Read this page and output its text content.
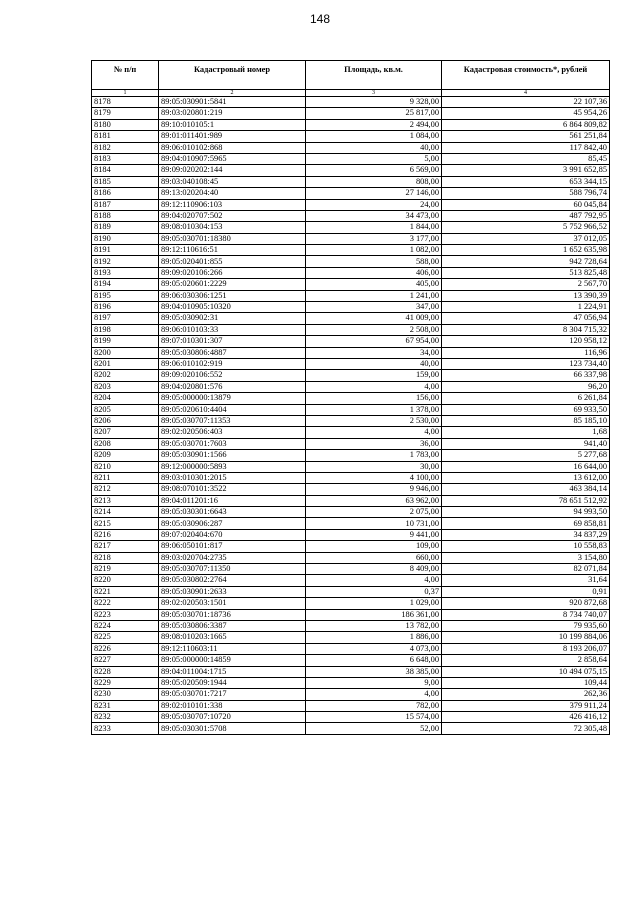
148
№ п/п	Кадастровый номер	Площадь, кв.м.	Кадастровая стоимость*, рублей
1	2	3	4
8178	89:05:030901:5841	9 328,00	22 107,36
8179	89:03:020801:219	25 817,00	45 954,26
8180	89:10:010105:1	2 494,00	6 864 809,82
8181	89:01:011401:989	1 084,00	561 251,84
8182	89:06:010102:868	40,00	117 842,40
8183	89:04:010907:5965	5,00	85,45
8184	89:09:020202:144	6 569,00	3 991 652,85
8185	89:03:040108:45	808,00	653 344,15
8186	89:13:020204:40	27 146,00	588 796,74
8187	89:12:110906:103	24,00	60 045,84
8188	89:04:020707:502	34 473,00	487 792,95
8189	89:08:010304:153	1 844,00	5 752 966,52
8190	89:05:030701:18380	3 177,00	37 012,05
8191	89:12:110616:51	1 082,00	1 652 635,98
8192	89:05:020401:855	588,00	942 728,64
8193	89:09:020106:266	406,00	513 825,48
8194	89:05:020601:2229	405,00	2 567,70
8195	89:06:030306:1251	1 241,00	13 390,39
8196	89:04:010905:10320	347,00	1 224,91
8197	89:05:030902:31	41 009,00	47 056,94
8198	89:06:010103:33	2 508,00	8 304 715,32
8199	89:07:010301:307	67 954,00	120 958,12
8200	89:05:030806:4887	34,00	116,96
8201	89:06:010102:919	40,00	123 734,40
8202	89:09:020106:552	159,00	66 337,98
8203	89:04:020801:576	4,00	96,20
8204	89:05:000000:13879	156,00	6 261,84
8205	89:05:020610:4404	1 378,00	69 933,50
8206	89:05:030707:11353	2 530,00	85 185,10
8207	89:02:020506:403	4,00	1,68
8208	89:05:030701:7603	36,00	941,40
8209	89:05:030901:1566	1 783,00	5 277,68
8210	89:12:000000:5893	30,00	16 644,00
8211	89:03:010301:2015	4 100,00	13 612,00
8212	89:08:070101:3522	9 946,00	463 384,14
8213	89:04:011201:16	63 962,00	78 651 512,92
8214	89:05:030301:6643	2 075,00	94 993,50
8215	89:05:030906:287	10 731,00	69 858,81
8216	89:07:020404:670	9 441,00	34 837,29
8217	89:06:050101:817	109,00	10 558,83
8218	89:03:020704:2735	660,00	3 154,80
8219	89:05:030707:11350	8 409,00	82 071,84
8220	89:05:030802:2764	4,00	31,64
8221	89:05:030901:2633	0,37	0,91
8222	89:02:020503:1501	1 029,00	920 872,68
8223	89:05:030701:18736	186 361,00	8 734 740,07
8224	89:05:030806:3387	13 782,00	79 935,60
8225	89:08:010203:1665	1 886,00	10 199 884,06
8226	89:12:110603:11	4 073,00	8 193 206,07
8227	89:05:000000:14859	6 648,00	2 858,64
8228	89:04:011004:1715	38 385,00	10 494 075,15
8229	89:05:020509:1944	9,00	109,44
8230	89:05:030701:7217	4,00	262,36
8231	89:02:010101:338	782,00	379 911,24
8232	89:05:030707:10720	15 574,00	426 416,12
8233	89:05:030301:5708	52,00	72 305,48
